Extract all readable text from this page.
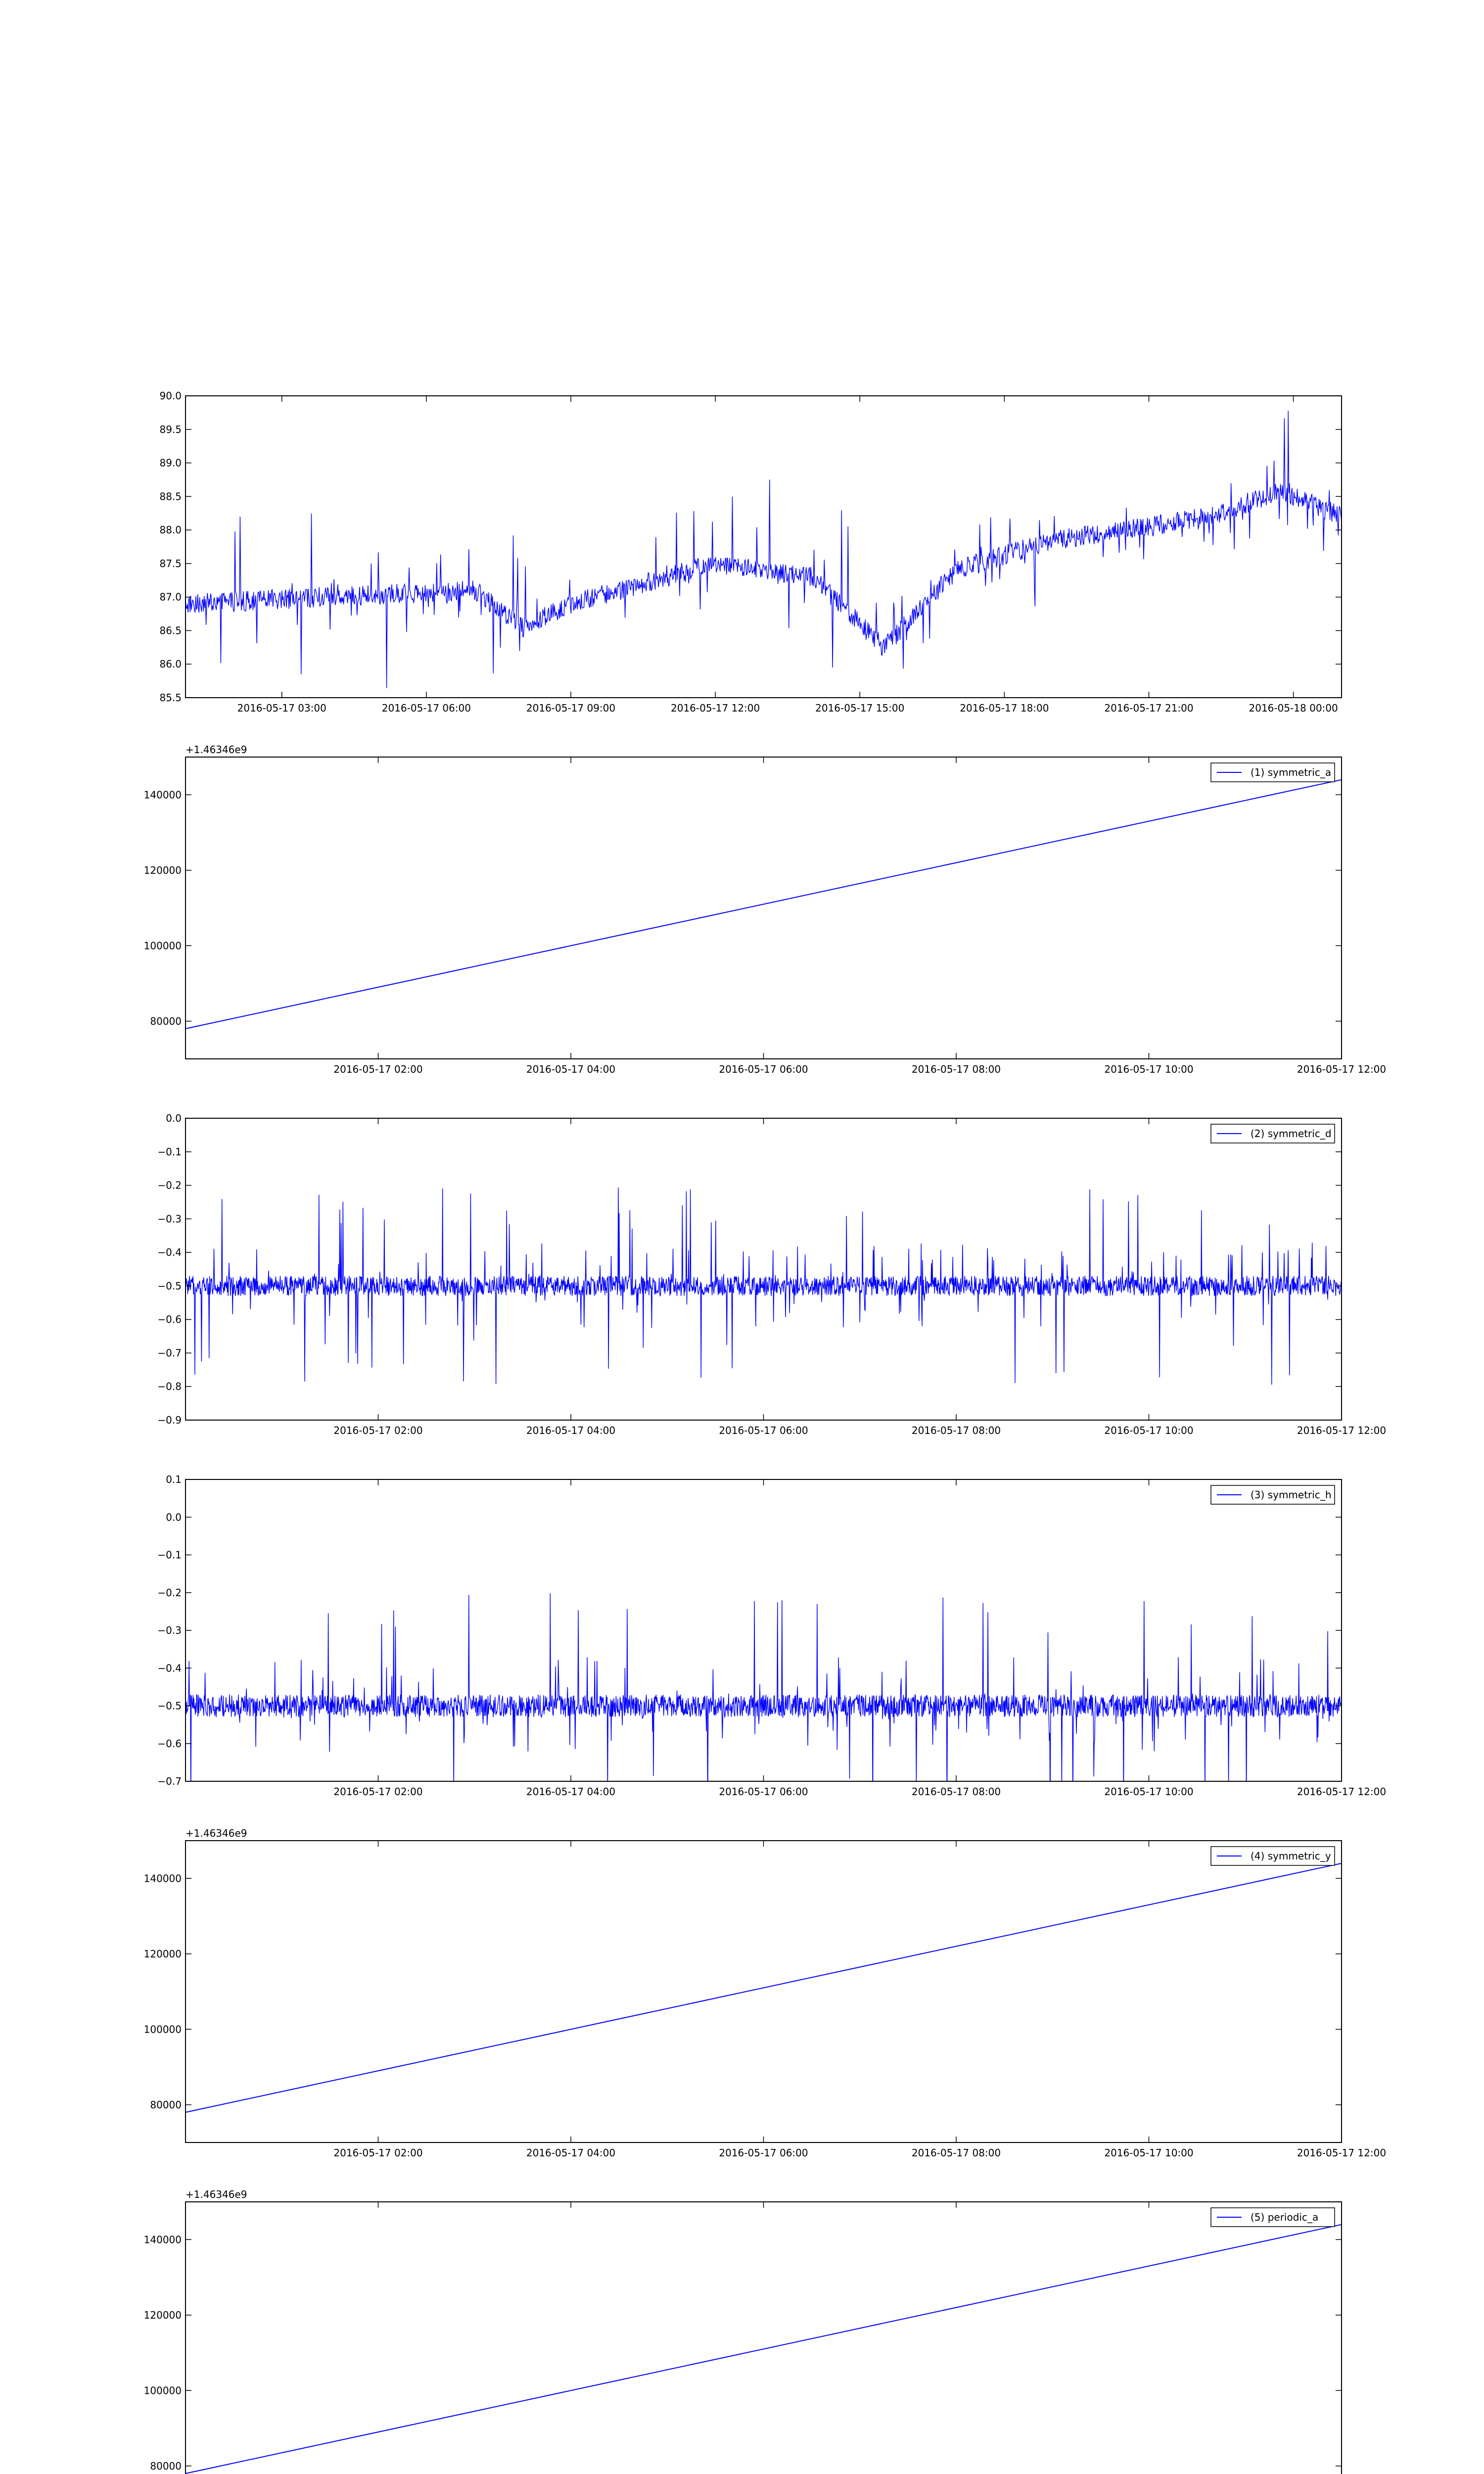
85.5
86.0
86.5
87.0
87.5
88.0
88.5
89.0
89.5
90.0
2016-05-17 03:00	2016-05-17 06:00	2016-05-17 09:00	2016-05-17 12:00	2016-05-17 15:00	2016-05-17 18:00	2016-05-17 21:00	2016-05-18 00:00
80000
100000
120000
140000
2016-05-17 02:00	2016-05-17 04:00	2016-05-17 06:00	2016-05-17 08:00	2016-05-17 10:00	2016-05-17 12:00
+1.46346e9
(1) symmetric_a
−0.9
−0.8
−0.7
−0.6
−0.5
−0.4
−0.3
−0.2
−0.1
0.0
2016-05-17 02:00	2016-05-17 04:00	2016-05-17 06:00	2016-05-17 08:00	2016-05-17 10:00	2016-05-17 12:00
(2) symmetric_d
−0.7
−0.6
−0.5
−0.4
−0.3
−0.2
−0.1
0.0
0.1
2016-05-17 02:00	2016-05-17 04:00	2016-05-17 06:00	2016-05-17 08:00	2016-05-17 10:00	2016-05-17 12:00
(3) symmetric_h
80000
100000
120000
140000
2016-05-17 02:00	2016-05-17 04:00	2016-05-17 06:00	2016-05-17 08:00	2016-05-17 10:00	2016-05-17 12:00
+1.46346e9
(4) symmetric_y
80000
100000
120000
140000
+1.46346e9
(5) periodic_a
